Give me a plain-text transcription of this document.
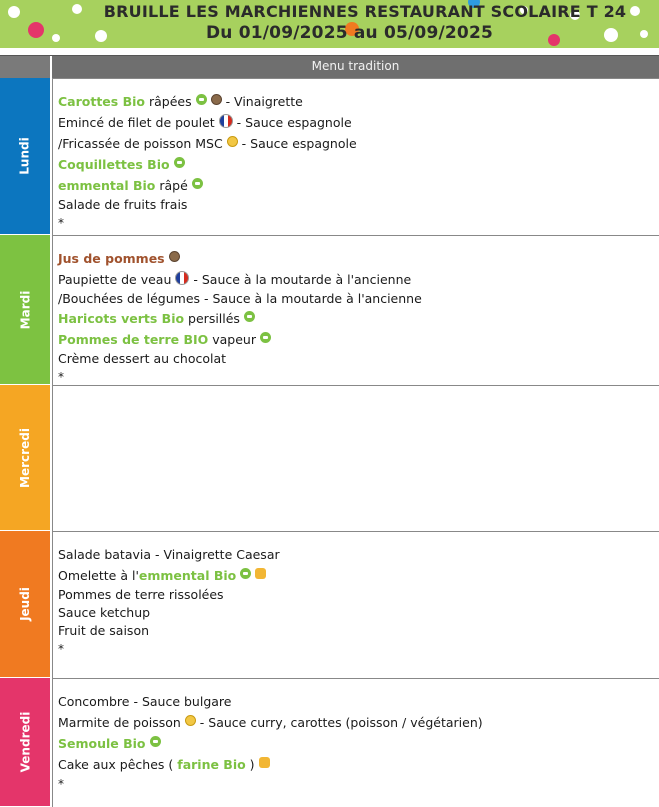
BRUILLE LES MARCHIENNES RESTAURANT SCOLAIRE T 24
Du 01/09/2025 au 05/09/2025
Menu tradition
Lundi
Carottes Bio râpées - Vinaigrette
Emincé de filet de poulet - Sauce espagnole
/Fricassée de poisson MSC - Sauce espagnole
Coquillettes Bio
emmental Bio râpé
Salade de fruits frais
*
Mardi
Jus de pommes
Paupiette de veau - Sauce à la moutarde à l'ancienne
/Bouchées de légumes - Sauce à la moutarde à l'ancienne
Haricots verts Bio persillés
Pommes de terre BIO vapeur
Crème dessert au chocolat
*
Mercredi
Jeudi
Salade batavia - Vinaigrette Caesar
Omelette à l'emmental Bio
Pommes de terre rissolées
Sauce ketchup
Fruit de saison
*
Vendredi
Concombre - Sauce bulgare
Marmite de poisson - Sauce curry, carottes (poisson / végétarien)
Semoule Bio
Cake aux pêches ( farine Bio )
*
